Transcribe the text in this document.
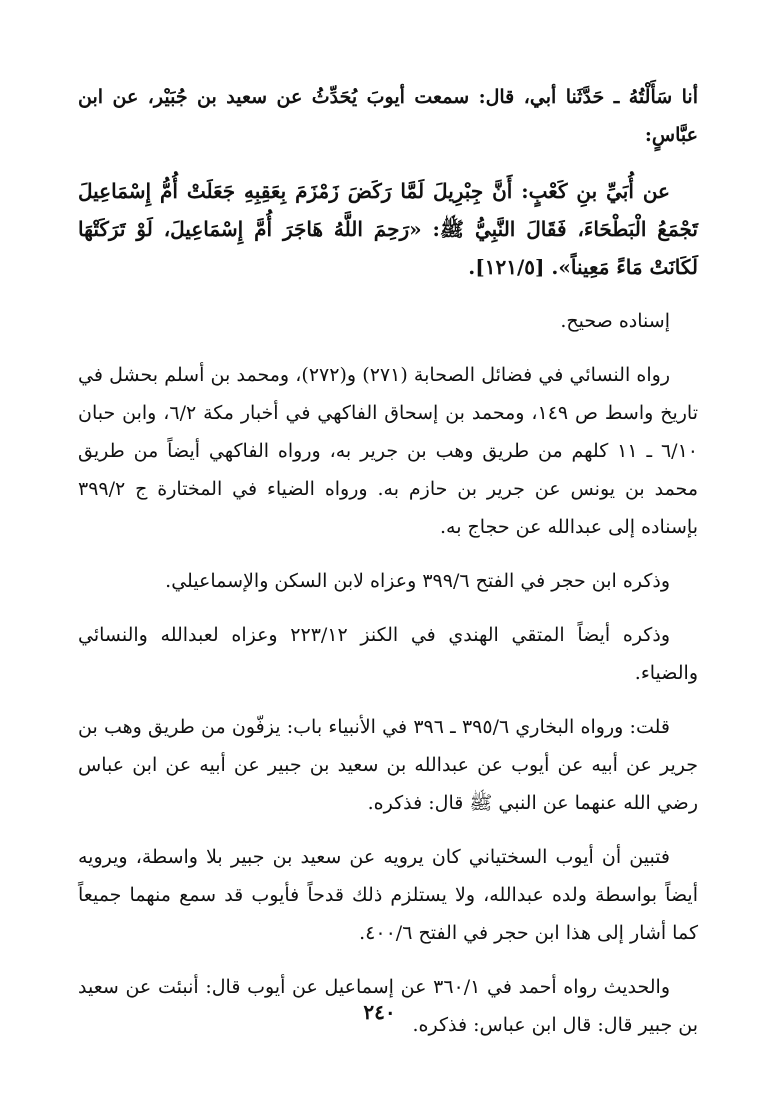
أنا سَأَلْتُهُ ـ حَدَّثَنا أبي، قال: سمعت أيوبَ يُحَدِّثُ عن سعيد بن جُبَيْر، عن ابن عبَّاسٍ:

عن أُبَيِّ بنِ كَعْبٍ: أَنَّ جِبْرِيلَ لَمَّا رَكَضَ زَمْزَمَ بِعَقِبِهِ جَعَلَتْ أُمُّ إِسْمَاعِيلَ تَجْمَعُ الْبَطْحَاءَ، فَقَالَ النَّبِيُّ ﷺ: «رَحِمَ اللَّهُ هَاجَرَ أُمَّ إِسْمَاعِيلَ، لَوْ تَرَكَتْهَا لَكَانَتْ مَاءً مَعِيناً». [١٢١/٥].

إسناده صحيح.

رواه النسائي في فضائل الصحابة (٢٧١) و(٢٧٢)، ومحمد بن أسلم بحشل في تاريخ واسط ص ١٤٩، ومحمد بن إسحاق الفاكهي في أخبار مكة ٦/٢، وابن حبان ٦/١٠ ـ ١١ كلهم من طريق وهب بن جرير به، ورواه الفاكهي أيضاً من طريق محمد بن يونس عن جرير بن حازم به. ورواه الضياء في المختارة ج ٣٩٩/٢ بإسناده إلى عبدالله عن حجاج به.

وذكره ابن حجر في الفتح ٣٩٩/٦ وعزاه لابن السكن والإسماعيلي.

وذكره أيضاً المتقي الهندي في الكنز ٢٢٣/١٢ وعزاه لعبدالله والنسائي والضياء.

قلت: ورواه البخاري ٣٩٥/٦ ـ ٣٩٦ في الأنبياء باب: يزفّون من طريق وهب بن جرير عن أبيه عن أيوب عن عبدالله بن سعيد بن جبير عن أبيه عن ابن عباس رضي الله عنهما عن النبي ﷺ قال: فذكره.

فتبين أن أيوب السختياني كان يرويه عن سعيد بن جبير بلا واسطة، ويرويه أيضاً بواسطة ولده عبدالله، ولا يستلزم ذلك قدحاً فأيوب قد سمع منهما جميعاً كما أشار إلى هذا ابن حجر في الفتح ٤٠٠/٦.

والحديث رواه أحمد في ٣٦٠/١ عن إسماعيل عن أيوب قال: أنبئت عن سعيد بن جبير قال: قال ابن عباس: فذكره.

٢٤٠
